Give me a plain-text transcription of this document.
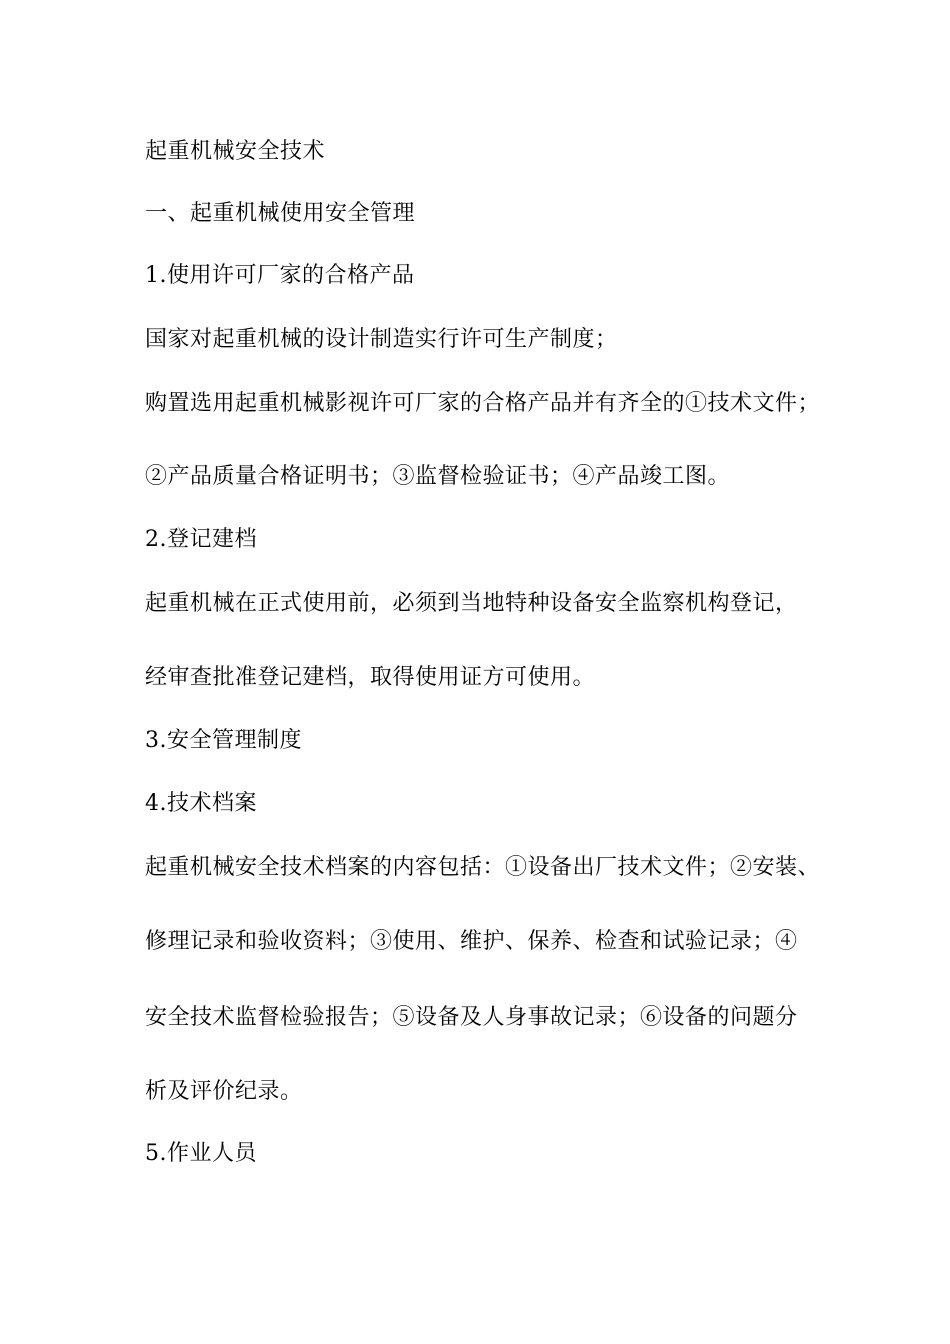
起重机械安全技术
一、起重机械使用安全管理
1.使用许可厂家的合格产品
国家对起重机械的设计制造实行许可生产制度；
购置选用起重机械影视许可厂家的合格产品并有齐全的①技术文件；
②产品质量合格证明书；③监督检验证书；④产品竣工图。
2.登记建档
起重机械在正式使用前，必须到当地特种设备安全监察机构登记，
经审查批准登记建档，取得使用证方可使用。
3.安全管理制度
4.技术档案
起重机械安全技术档案的内容包括：①设备出厂技术文件；②安装、
修理记录和验收资料；③使用、维护、保养、检查和试验记录；④
安全技术监督检验报告；⑤设备及人身事故记录；⑥设备的问题分
析及评价纪录。
5.作业人员
